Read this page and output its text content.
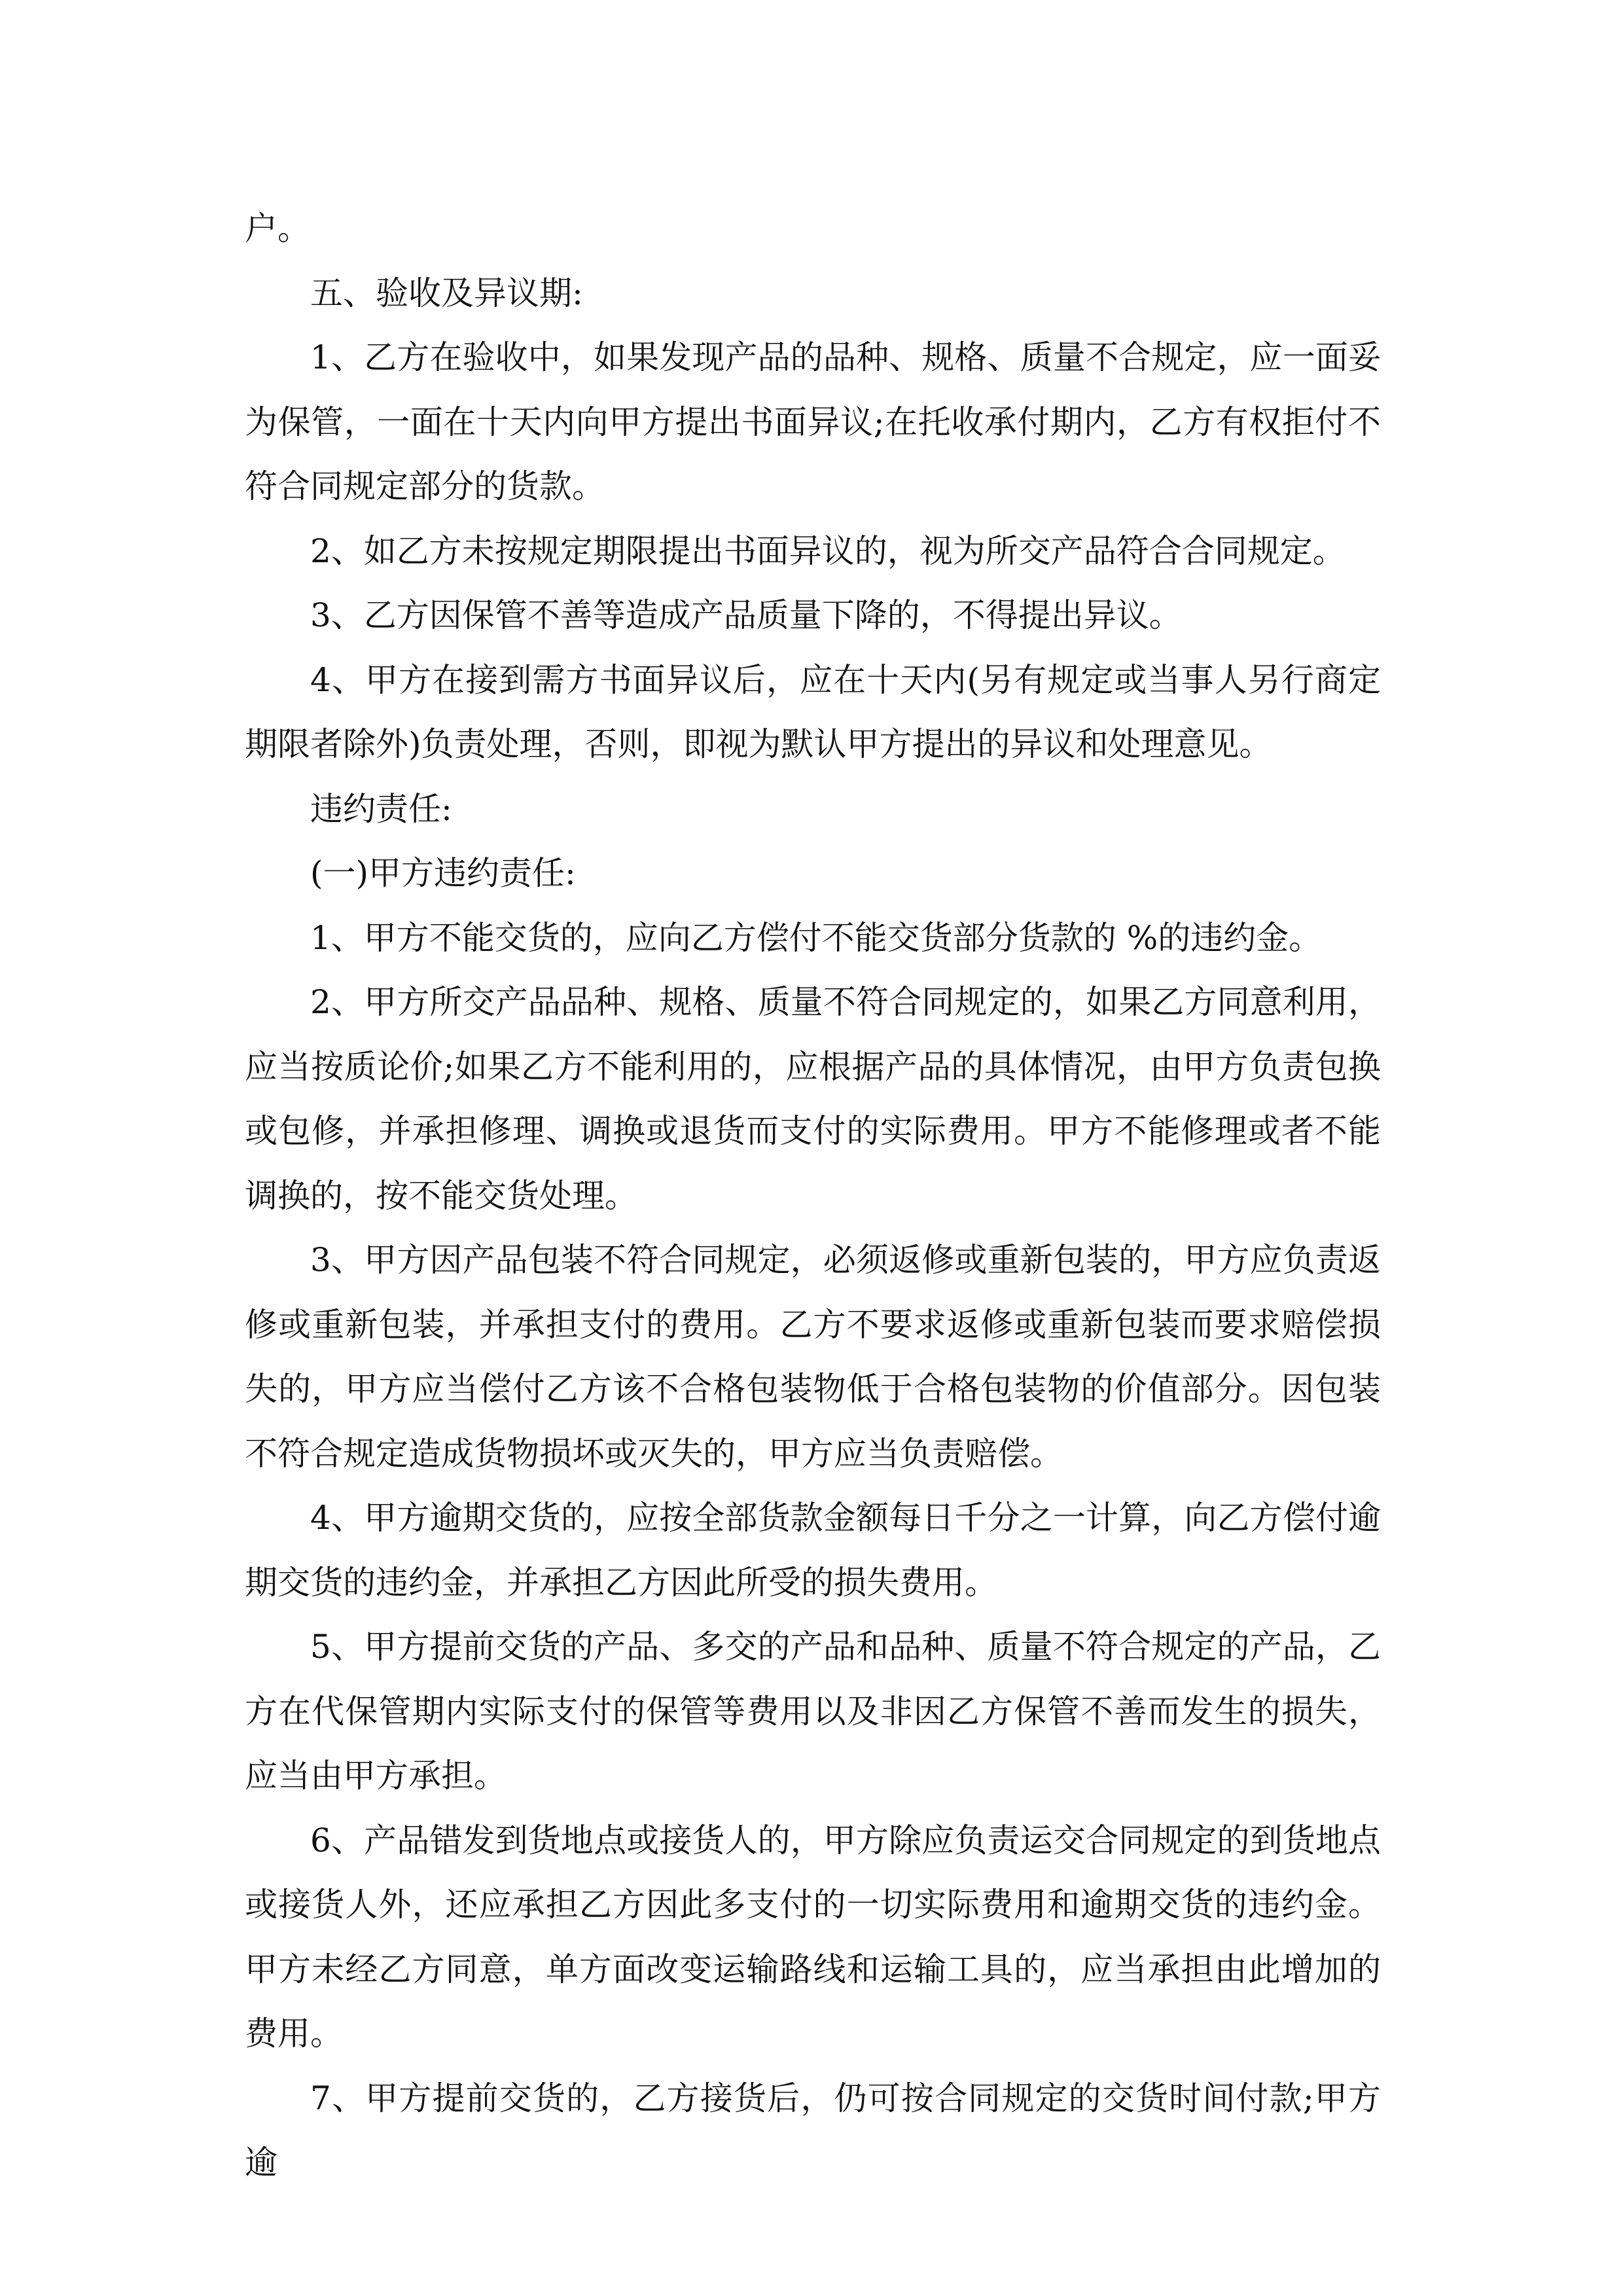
户。

五、验收及异议期:

1、乙方在验收中，如果发现产品的品种、规格、质量不合规定，应一面妥为保管，一面在十天内向甲方提出书面异议;在托收承付期内，乙方有权拒付不符合同规定部分的货款。

2、如乙方未按规定期限提出书面异议的，视为所交产品符合合同规定。

3、乙方因保管不善等造成产品质量下降的，不得提出异议。

4、甲方在接到需方书面异议后，应在十天内(另有规定或当事人另行商定期限者除外)负责处理，否则，即视为默认甲方提出的异议和处理意见。

违约责任:

(一)甲方违约责任:

1、甲方不能交货的，应向乙方偿付不能交货部分货款的 %的违约金。

2、甲方所交产品品种、规格、质量不符合同规定的，如果乙方同意利用，应当按质论价;如果乙方不能利用的，应根据产品的具体情况，由甲方负责包换或包修，并承担修理、调换或退货而支付的实际费用。甲方不能修理或者不能调换的，按不能交货处理。

3、甲方因产品包装不符合同规定，必须返修或重新包装的，甲方应负责返修或重新包装，并承担支付的费用。乙方不要求返修或重新包装而要求赔偿损失的，甲方应当偿付乙方该不合格包装物低于合格包装物的价值部分。因包装不符合规定造成货物损坏或灭失的，甲方应当负责赔偿。

4、甲方逾期交货的，应按全部货款金额每日千分之一计算，向乙方偿付逾期交货的违约金，并承担乙方因此所受的损失费用。

5、甲方提前交货的产品、多交的产品和品种、质量不符合规定的产品，乙方在代保管期内实际支付的保管等费用以及非因乙方保管不善而发生的损失，应当由甲方承担。

6、产品错发到货地点或接货人的，甲方除应负责运交合同规定的到货地点或接货人外，还应承担乙方因此多支付的一切实际费用和逾期交货的违约金。甲方未经乙方同意，单方面改变运输路线和运输工具的，应当承担由此增加的费用。

7、甲方提前交货的，乙方接货后，仍可按合同规定的交货时间付款;甲方逾
